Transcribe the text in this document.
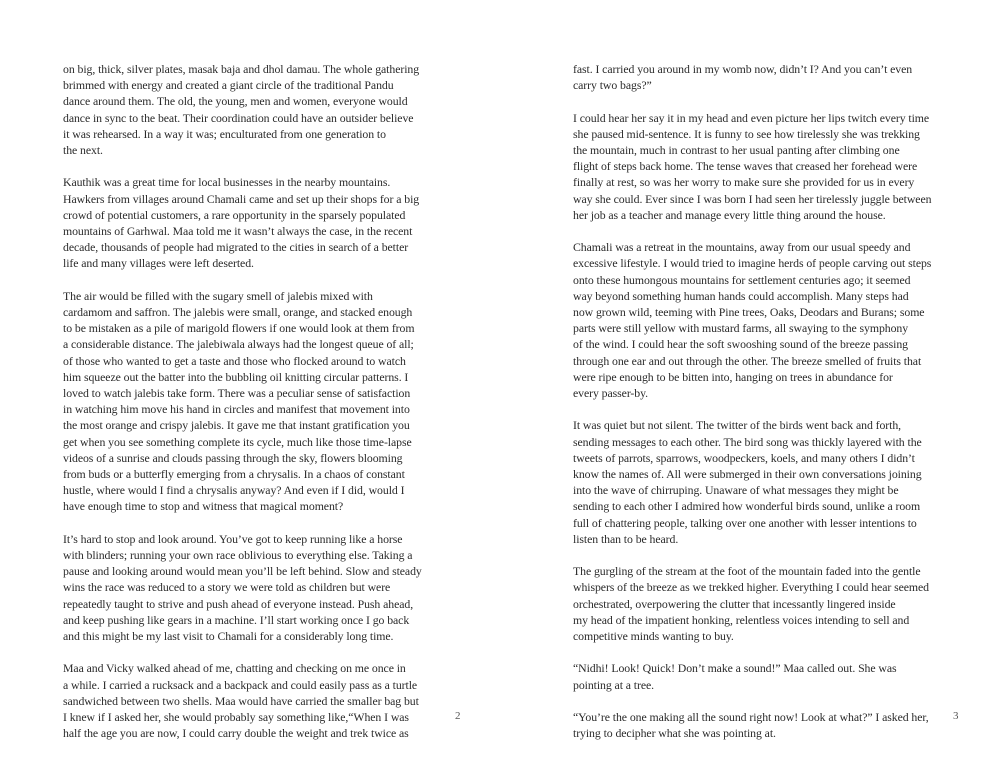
on big, thick, silver plates, masak baja and dhol damau. The whole gathering
brimmed with energy and created a giant circle of the traditional Pandu
dance around them. The old, the young, men and women, everyone would
dance in sync to the beat. Their coordination could have an outsider believe
it was rehearsed. In a way it was; enculturated from one generation to
the next.

Kauthik was a great time for local businesses in the nearby mountains.
Hawkers from villages around Chamali came and set up their shops for a big
crowd of potential customers, a rare opportunity in the sparsely populated
mountains of Garhwal. Maa told me it wasn’t always the case, in the recent
decade, thousands of people had migrated to the cities in search of a better
life and many villages were left deserted.

The air would be filled with the sugary smell of jalebis mixed with
cardamom and saffron. The jalebis were small, orange, and stacked enough
to be mistaken as a pile of marigold flowers if one would look at them from
a considerable distance. The jalebiwala always had the longest queue of all;
of those who wanted to get a taste and those who flocked around to watch
him squeeze out the batter into the bubbling oil knitting circular patterns. I
loved to watch jalebis take form. There was a peculiar sense of satisfaction
in watching him move his hand in circles and manifest that movement into
the most orange and crispy jalebis. It gave me that instant gratification you
get when you see something complete its cycle, much like those time-lapse
videos of a sunrise and clouds passing through the sky, flowers blooming
from buds or a butterfly emerging from a chrysalis. In a chaos of constant
hustle, where would I find a chrysalis anyway? And even if I did, would I
have enough time to stop and witness that magical moment?

It’s hard to stop and look around. You’ve got to keep running like a horse
with blinders; running your own race oblivious to everything else. Taking a
pause and looking around would mean you’ll be left behind. Slow and steady
wins the race was reduced to a story we were told as children but were
repeatedly taught to strive and push ahead of everyone instead. Push ahead,
and keep pushing like gears in a machine. I’ll start working once I go back
and this might be my last visit to Chamali for a considerably long time.

Maa and Vicky walked ahead of me, chatting and checking on me once in
a while. I carried a rucksack and a backpack and could easily pass as a turtle
sandwiched between two shells. Maa would have carried the smaller bag but
I knew if I asked her, she would probably say something like,“When I was
half the age you are now, I could carry double the weight and trek twice as

2

fast. I carried you around in my womb now, didn’t I? And you can’t even
carry two bags?”

I could hear her say it in my head and even picture her lips twitch every time
she paused mid-sentence. It is funny to see how tirelessly she was trekking
the mountain, much in contrast to her usual panting after climbing one
flight of steps back home. The tense waves that creased her forehead were
finally at rest, so was her worry to make sure she provided for us in every
way she could. Ever since I was born I had seen her tirelessly juggle between
her job as a teacher and manage every little thing around the house.

Chamali was a retreat in the mountains, away from our usual speedy and
excessive lifestyle. I would tried to imagine herds of people carving out steps
onto these humongous mountains for settlement centuries ago; it seemed
way beyond something human hands could accomplish. Many steps had
now grown wild, teeming with Pine trees, Oaks, Deodars and Burans; some
parts were still yellow with mustard farms, all swaying to the symphony
of the wind. I could hear the soft swooshing sound of the breeze passing
through one ear and out through the other. The breeze smelled of fruits that
were ripe enough to be bitten into, hanging on trees in abundance for
every passer-by.

It was quiet but not silent. The twitter of the birds went back and forth,
sending messages to each other. The bird song was thickly layered with the
tweets of parrots, sparrows, woodpeckers, koels, and many others I didn’t
know the names of. All were submerged in their own conversations joining
into the wave of chirruping. Unaware of what messages they might be
sending to each other I admired how wonderful birds sound, unlike a room
full of chattering people, talking over one another with lesser intentions to
listen than to be heard.

The gurgling of the stream at the foot of the mountain faded into the gentle
whispers of the breeze as we trekked higher. Everything I could hear seemed
orchestrated, overpowering the clutter that incessantly lingered inside
my head of the impatient honking, relentless voices intending to sell and
competitive minds wanting to buy.

“Nidhi! Look! Quick! Don’t make a sound!” Maa called out. She was
pointing at a tree.

“You’re the one making all the sound right now! Look at what?” I asked her,
trying to decipher what she was pointing at.

3
